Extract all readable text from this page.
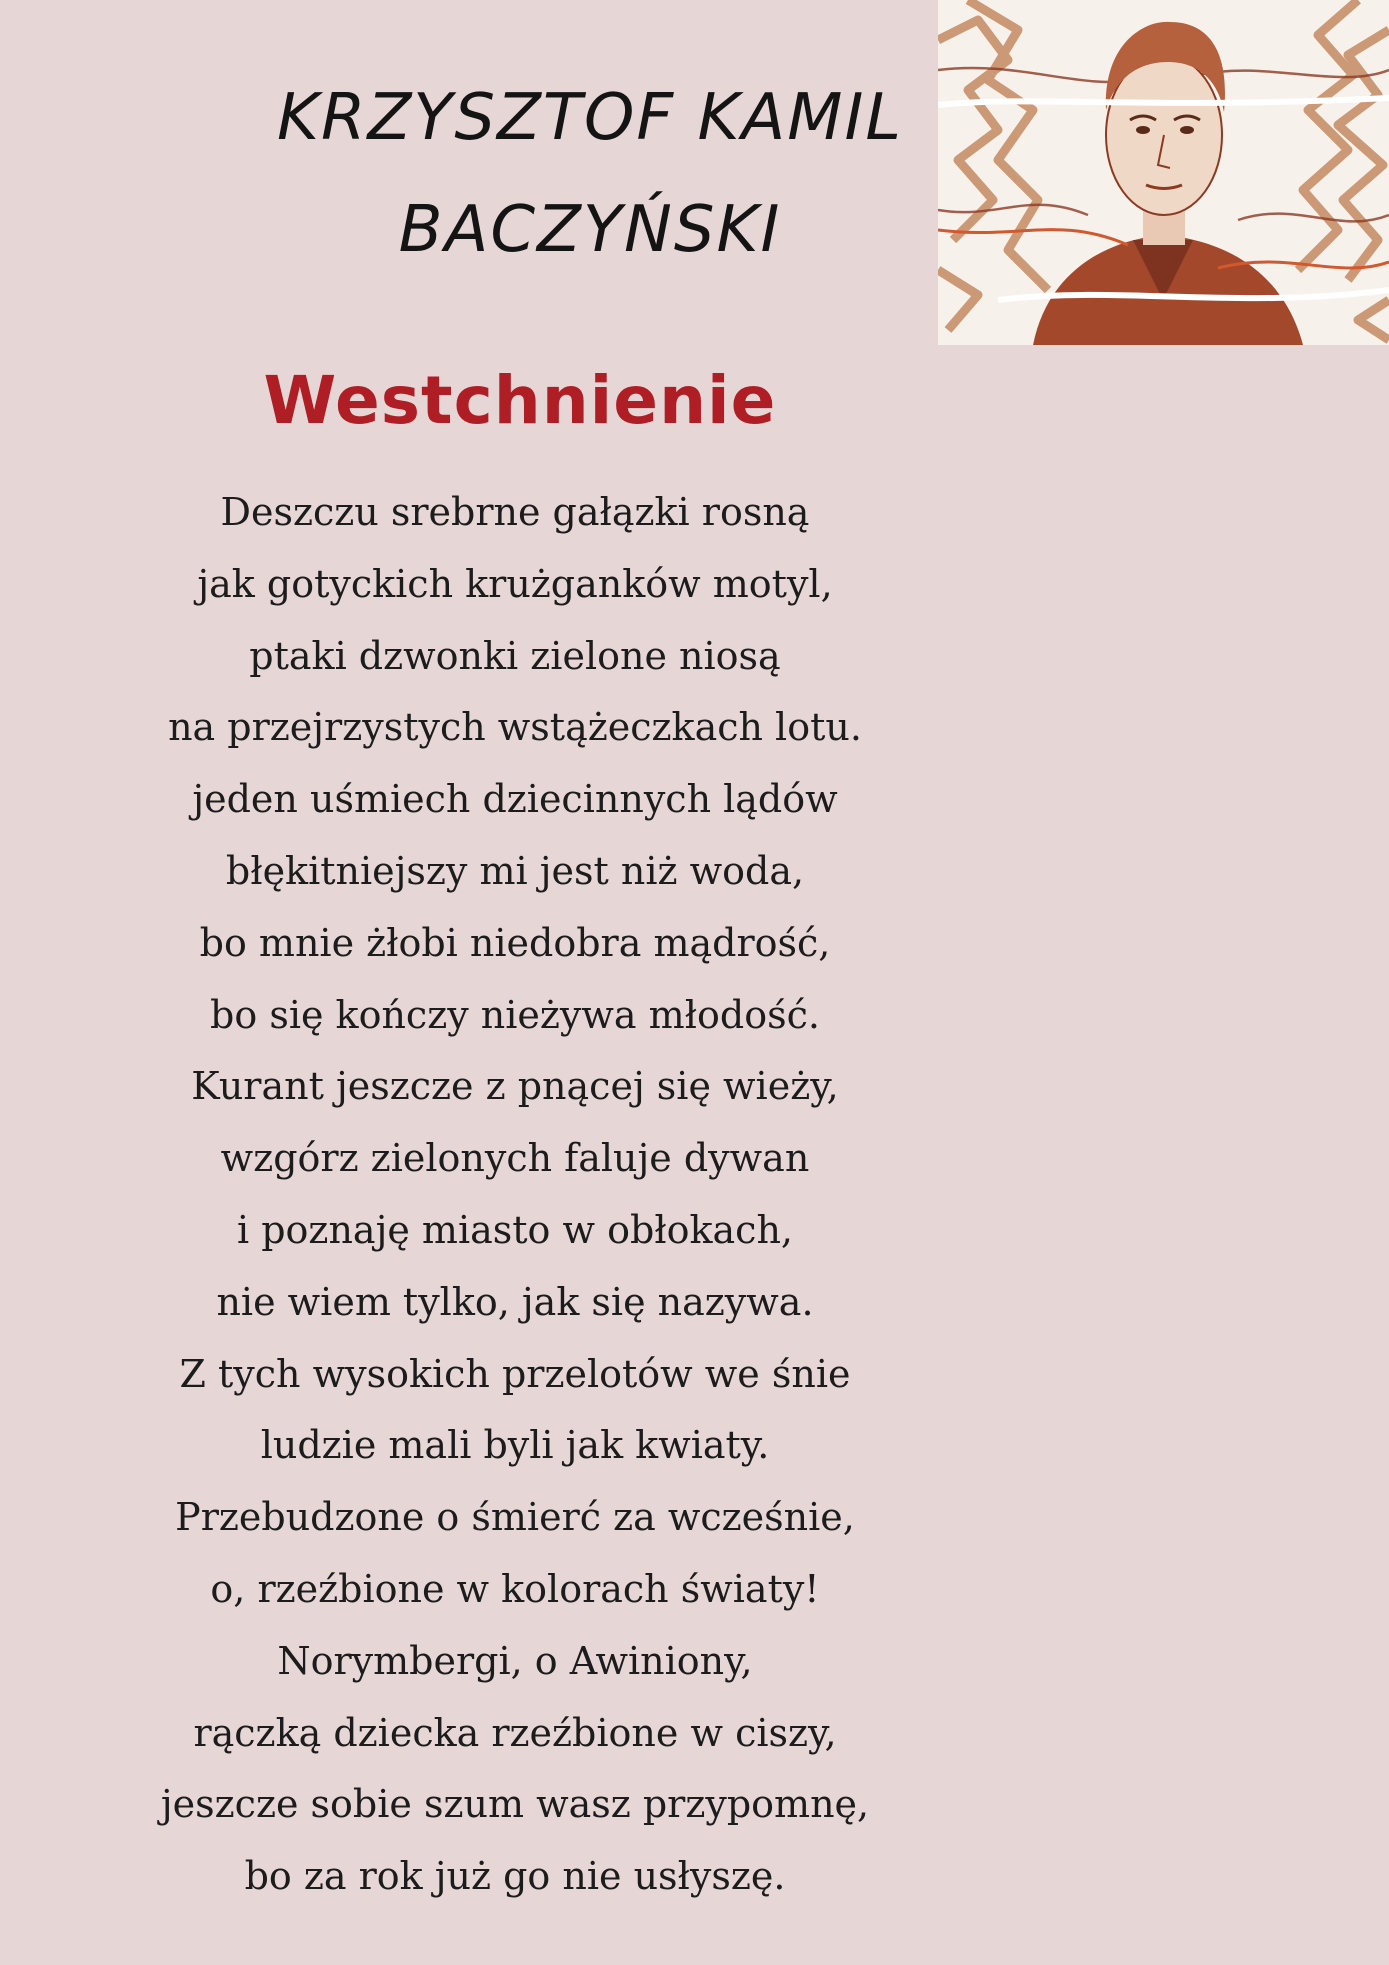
KRZYSZTOF KAMIL
BACZYŃSKI
Westchnienie
Deszczu srebrne gałązki rosną
jak gotyckich krużganków motyl,
ptaki dzwonki zielone niosą
na przejrzystych wstążeczkach lotu.
jeden uśmiech dziecinnych lądów
błękitniejszy mi jest niż woda,
bo mnie żłobi niedobra mądrość,
bo się kończy nieżywa młodość.
Kurant jeszcze z pnącej się wieży,
wzgórz zielonych faluje dywan
i poznaję miasto w obłokach,
nie wiem tylko, jak się nazywa.
Z tych wysokich przelotów we śnie
ludzie mali byli jak kwiaty.
Przebudzone o śmierć za wcześnie,
o, rzeźbione w kolorach światy!
Norymbergi, o Awiniony,
rączką dziecka rzeźbione w ciszy,
jeszcze sobie szum wasz przypomnę,
bo za rok już go nie usłyszę.
